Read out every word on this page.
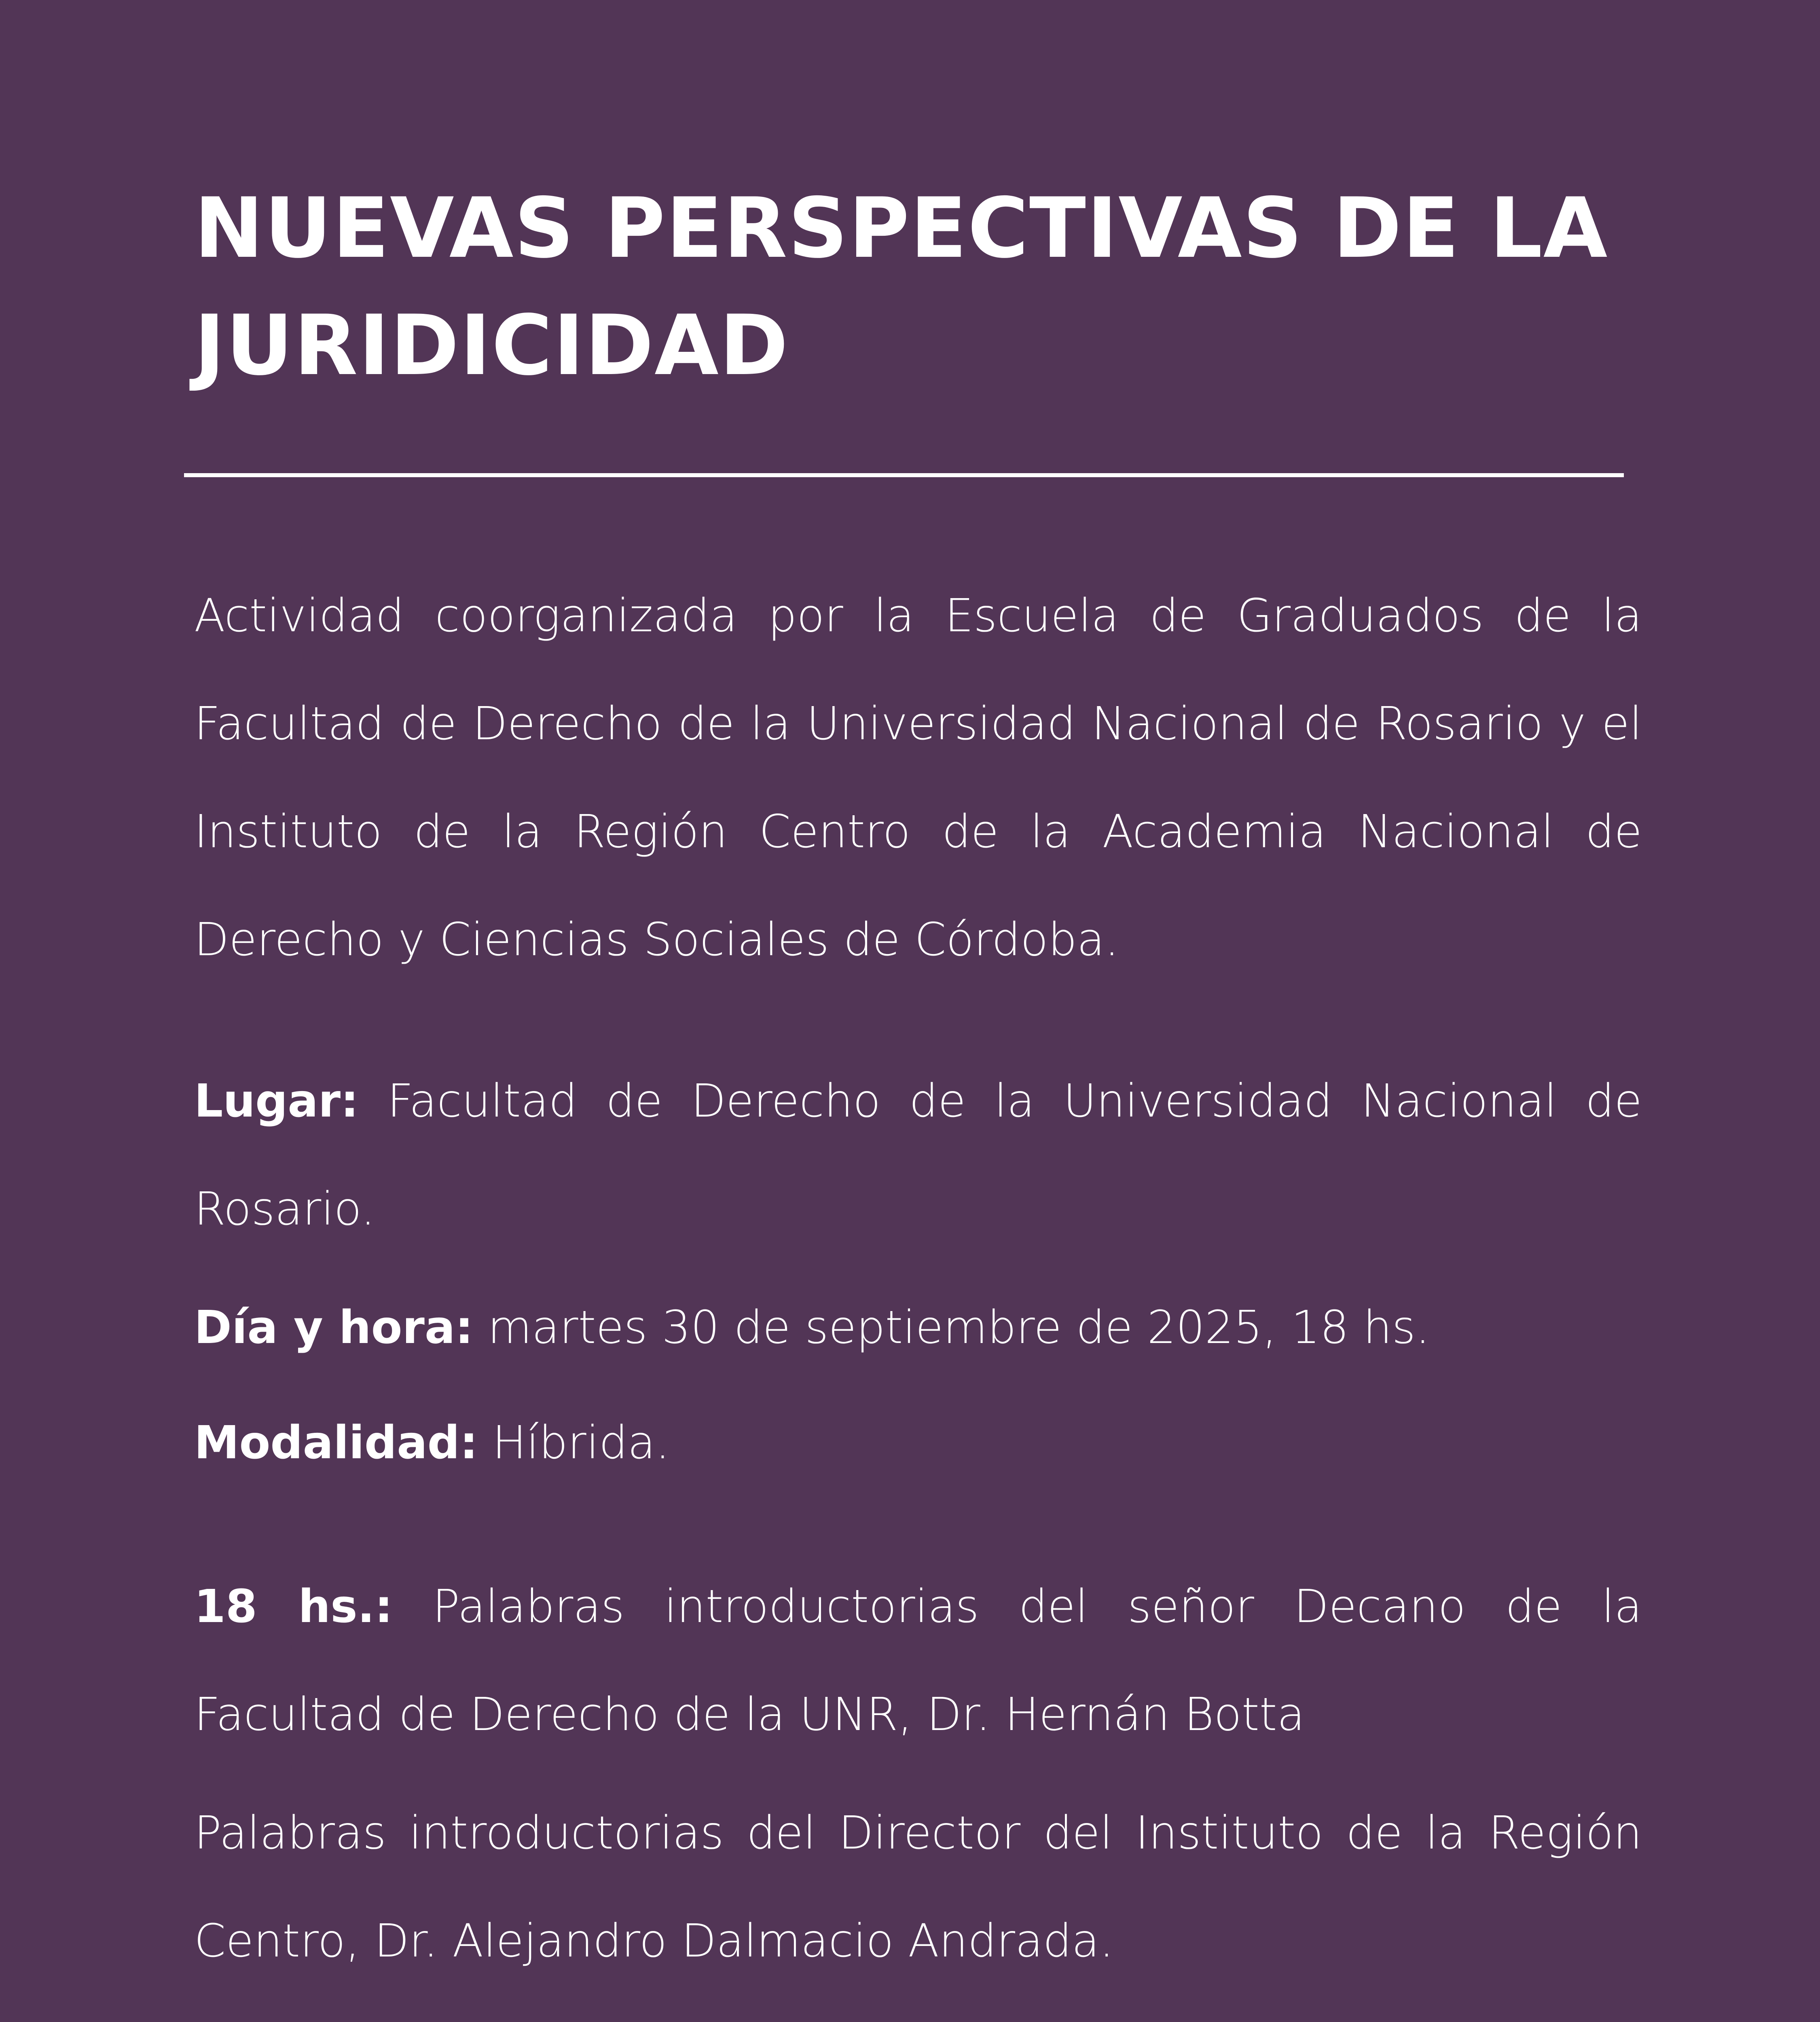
NUEVAS PERSPECTIVAS DE LA JURIDICIDAD

Actividad coorganizada por la Escuela de Graduados de la Facultad de Derecho de la Universidad Nacional de Rosario y el Instituto de la Región Centro de la Academia Nacional de Derecho y Ciencias Sociales de Córdoba.

Lugar: Facultad de Derecho de la Universidad Nacional de Rosario.

Día y hora: martes 30 de septiembre de 2025, 18 hs.

Modalidad: Híbrida.

18 hs.: Palabras introductorias del señor Decano de la Facultad de Derecho de la UNR, Dr. Hernán Botta

Palabras introductorias del Director del Instituto de la Región Centro, Dr. Alejandro Dalmacio Andrada.
